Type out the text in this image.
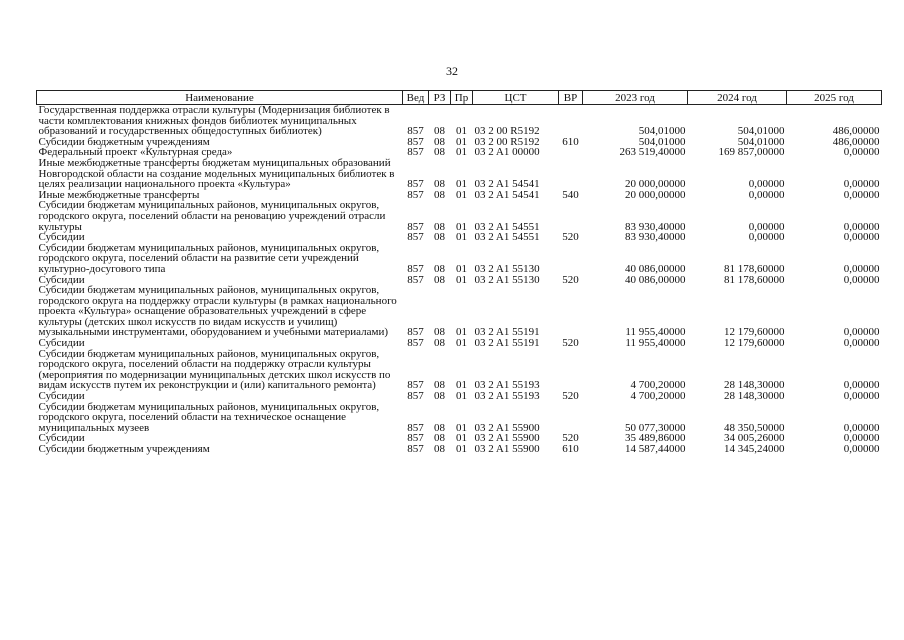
32
Наименование	Вед	РЗ	Пр	ЦСТ	ВР	2023 год	2024 год	2025 год
Государственная поддержка отрасли культуры (Модернизация библиотек в части комплектования книжных фондов библиотек муниципальных образований и государственных общедоступных библиотек)	857	08	01	03 2 00 R5192		504,01000	504,01000	486,00000
Субсидии бюджетным учреждениям	857	08	01	03 2 00 R5192	610	504,01000	504,01000	486,00000
Федеральный проект «Культурная среда»	857	08	01	03 2 A1 00000		263 519,40000	169 857,00000	0,00000
Иные межбюджетные трансферты бюджетам муниципальных образований Новгородской области на создание модельных муниципальных библиотек в целях реализации национального проекта «Культура»	857	08	01	03 2 A1 54541		20 000,00000	0,00000	0,00000
Иные межбюджетные трансферты	857	08	01	03 2 A1 54541	540	20 000,00000	0,00000	0,00000
Субсидии бюджетам муниципальных районов, муниципальных округов, городского округа, поселений области на реновацию учреждений отрасли культуры	857	08	01	03 2 A1 54551		83 930,40000	0,00000	0,00000
Субсидии	857	08	01	03 2 A1 54551	520	83 930,40000	0,00000	0,00000
Субсидии бюджетам муниципальных районов, муниципальных округов, городского округа, поселений области на развитие сети учреждений культурно-досугового типа	857	08	01	03 2 A1 55130		40 086,00000	81 178,60000	0,00000
Субсидии	857	08	01	03 2 A1 55130	520	40 086,00000	81 178,60000	0,00000
Субсидии бюджетам муниципальных районов, муниципальных округов, городского округа на поддержку отрасли культуры (в рамках национального проекта «Культура» оснащение образовательных учреждений в сфере культуры (детских школ искусств по видам искусств и училищ) музыкальными инструментами, оборудованием и учебными материалами)	857	08	01	03 2 A1 55191		11 955,40000	12 179,60000	0,00000
Субсидии	857	08	01	03 2 A1 55191	520	11 955,40000	12 179,60000	0,00000
Субсидии бюджетам муниципальных районов, муниципальных округов, городского округа, поселений области на поддержку отрасли культуры (мероприятия по модернизации муниципальных детских школ искусств по видам искусств путем их реконструкции и (или) капитального ремонта)	857	08	01	03 2 A1 55193		4 700,20000	28 148,30000	0,00000
Субсидии	857	08	01	03 2 A1 55193	520	4 700,20000	28 148,30000	0,00000
Субсидии бюджетам муниципальных районов, муниципальных округов, городского округа, поселений области на техническое оснащение муниципальных музеев	857	08	01	03 2 A1 55900		50 077,30000	48 350,50000	0,00000
Субсидии	857	08	01	03 2 A1 55900	520	35 489,86000	34 005,26000	0,00000
Субсидии бюджетным учреждениям	857	08	01	03 2 A1 55900	610	14 587,44000	14 345,24000	0,00000
